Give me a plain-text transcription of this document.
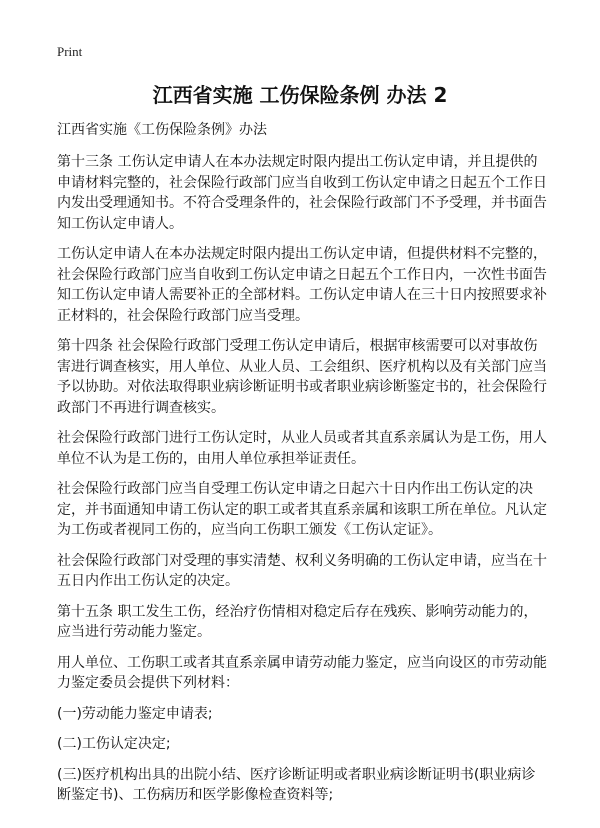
Print
江西省实施 工伤保险条例 办法 2

江西省实施《工伤保险条例》办法

第十三条 工伤认定申请人在本办法规定时限内提出工伤认定申请，并且提供的申请材料完整的，社会保险行政部门应当自收到工伤认定申请之日起五个工作日内发出受理通知书。不符合受理条件的，社会保险行政部门不予受理，并书面告知工伤认定申请人。

工伤认定申请人在本办法规定时限内提出工伤认定申请，但提供材料不完整的，社会保险行政部门应当自收到工伤认定申请之日起五个工作日内，一次性书面告知工伤认定申请人需要补正的全部材料。工伤认定申请人在三十日内按照要求补正材料的，社会保险行政部门应当受理。

第十四条 社会保险行政部门受理工伤认定申请后，根据审核需要可以对事故伤害进行调查核实，用人单位、从业人员、工会组织、医疗机构以及有关部门应当予以协助。对依法取得职业病诊断证明书或者职业病诊断鉴定书的，社会保险行政部门不再进行调查核实。

社会保险行政部门进行工伤认定时，从业人员或者其直系亲属认为是工伤，用人单位不认为是工伤的，由用人单位承担举证责任。

社会保险行政部门应当自受理工伤认定申请之日起六十日内作出工伤认定的决定，并书面通知申请工伤认定的职工或者其直系亲属和该职工所在单位。凡认定为工伤或者视同工伤的，应当向工伤职工颁发《工伤认定证》。

社会保险行政部门对受理的事实清楚、权利义务明确的工伤认定申请，应当在十五日内作出工伤认定的决定。

第十五条 职工发生工伤，经治疗伤情相对稳定后存在残疾、影响劳动能力的，应当进行劳动能力鉴定。

用人单位、工伤职工或者其直系亲属申请劳动能力鉴定，应当向设区的市劳动能力鉴定委员会提供下列材料：

(一)劳动能力鉴定申请表;

(二)工伤认定决定;

(三)医疗机构出具的出院小结、医疗诊断证明或者职业病诊断证明书(职业病诊断鉴定书)、工伤病历和医学影像检查资料等;
